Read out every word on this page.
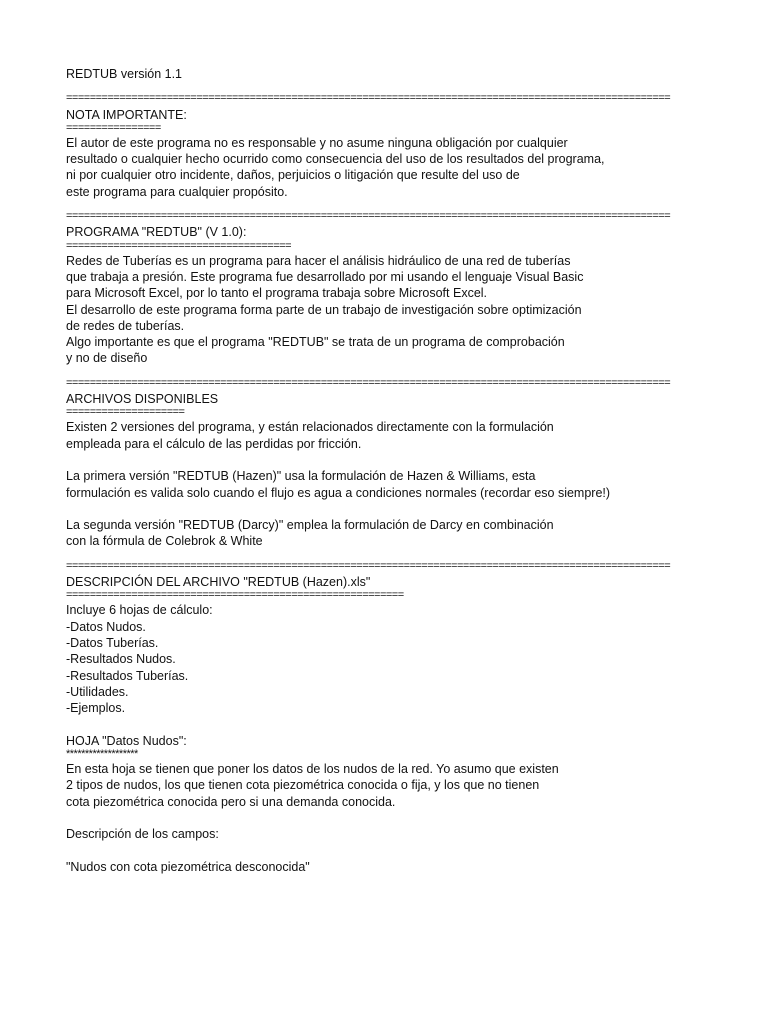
REDTUB versión 1.1
======================================================================================================
NOTA IMPORTANTE:
================
El autor de este programa no es responsable y no asume ninguna obligación por cualquier
resultado o cualquier hecho ocurrido como consecuencia del uso de los resultados del programa,
ni por cualquier otro incidente, daños, perjuicios o litigación que resulte del uso de
este programa para cualquier propósito.
======================================================================================================
PROGRAMA "REDTUB" (V 1.0):
======================================
Redes de Tuberías es un programa para hacer el análisis hidráulico de una red de tuberías
que trabaja a presión. Este programa fue desarrollado por mi usando el lenguaje Visual Basic
para Microsoft Excel, por lo tanto el programa trabaja sobre Microsoft Excel.
El desarrollo de este programa forma parte de un trabajo de investigación sobre optimización
de redes de tuberías.
Algo importante es que el programa "REDTUB" se trata de un programa de comprobación
y no de diseño
======================================================================================================
ARCHIVOS DISPONIBLES
====================
Existen 2 versiones del programa, y están relacionados directamente con la formulación
empleada para el cálculo de las perdidas por fricción.
La primera versión "REDTUB (Hazen)" usa la formulación de Hazen & Williams, esta
formulación es valida solo cuando el flujo es agua a condiciones normales (recordar eso siempre!)
La segunda versión "REDTUB (Darcy)" emplea la formulación de Darcy en combinación
con la fórmula de Colebrok & White
======================================================================================================
DESCRIPCIÓN DEL ARCHIVO "REDTUB (Hazen).xls"
=========================================================
Incluye 6 hojas de cálculo:
-Datos Nudos.
-Datos Tuberías.
-Resultados Nudos.
-Resultados Tuberías.
-Utilidades.
-Ejemplos.
HOJA "Datos Nudos":
*******************
En esta hoja se tienen que poner los datos de los nudos de la red. Yo asumo que existen
2 tipos de nudos, los que tienen cota piezométrica conocida o fija, y los que no tienen
cota piezométrica conocida pero si una demanda conocida.
Descripción de los campos:
"Nudos con cota piezométrica desconocida"
